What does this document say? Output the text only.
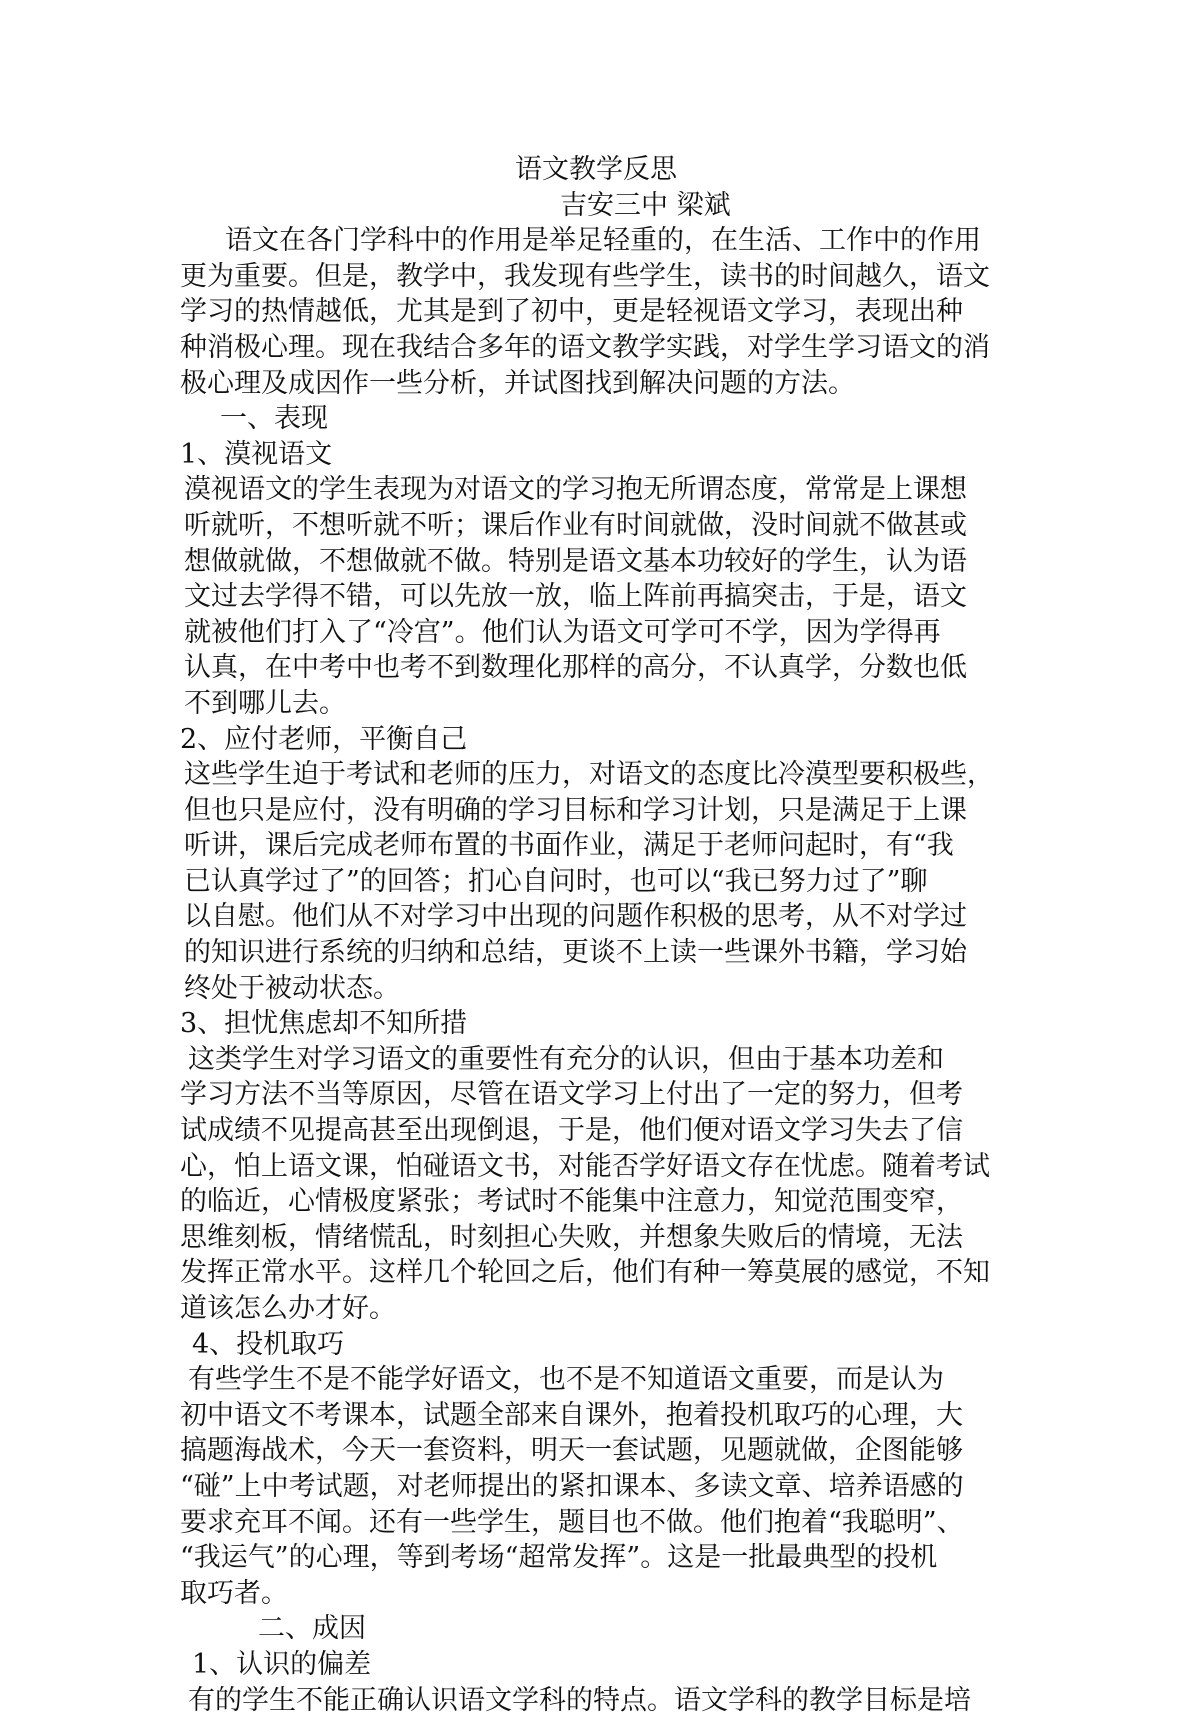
语文教学反思
吉安三中 梁斌
语文在各门学科中的作用是举足轻重的，在生活、工作中的作用
更为重要。但是，教学中，我发现有些学生，读书的时间越久，语文
学习的热情越低，尤其是到了初中，更是轻视语文学习，表现出种
种消极心理。现在我结合多年的语文教学实践，对学生学习语文的消
极心理及成因作一些分析，并试图找到解决问题的方法。
一、表现
1、漠视语文
漠视语文的学生表现为对语文的学习抱无所谓态度，常常是上课想
听就听，不想听就不听；课后作业有时间就做，没时间就不做甚或
想做就做，不想做就不做。特别是语文基本功较好的学生，认为语
文过去学得不错，可以先放一放，临上阵前再搞突击，于是，语文
就被他们打入了“冷宫”。他们认为语文可学可不学，因为学得再
认真，在中考中也考不到数理化那样的高分，不认真学，分数也低
不到哪儿去。
2、应付老师，平衡自己
这些学生迫于考试和老师的压力，对语文的态度比冷漠型要积极些，
但也只是应付，没有明确的学习目标和学习计划，只是满足于上课
听讲，课后完成老师布置的书面作业，满足于老师问起时，有“我
已认真学过了”的回答；扪心自问时，也可以“我已努力过了”聊
以自慰。他们从不对学习中出现的问题作积极的思考，从不对学过
的知识进行系统的归纳和总结，更谈不上读一些课外书籍，学习始
终处于被动状态。
3、担忧焦虑却不知所措
这类学生对学习语文的重要性有充分的认识，但由于基本功差和
学习方法不当等原因，尽管在语文学习上付出了一定的努力，但考
试成绩不见提高甚至出现倒退，于是，他们便对语文学习失去了信
心，怕上语文课，怕碰语文书，对能否学好语文存在忧虑。随着考试
的临近，心情极度紧张；考试时不能集中注意力，知觉范围变窄，
思维刻板，情绪慌乱，时刻担心失败，并想象失败后的情境，无法
发挥正常水平。这样几个轮回之后，他们有种一筹莫展的感觉，不知
道该怎么办才好。
4、投机取巧
有些学生不是不能学好语文，也不是不知道语文重要，而是认为
初中语文不考课本，试题全部来自课外，抱着投机取巧的心理，大
搞题海战术，今天一套资料，明天一套试题，见题就做，企图能够
“碰”上中考试题，对老师提出的紧扣课本、多读文章、培养语感的
要求充耳不闻。还有一些学生，题目也不做。他们抱着“我聪明”、
“我运气”的心理，等到考场“超常发挥”。这是一批最典型的投机
取巧者。
二、成因
1、认识的偏差
有的学生不能正确认识语文学科的特点。语文学科的教学目标是培
